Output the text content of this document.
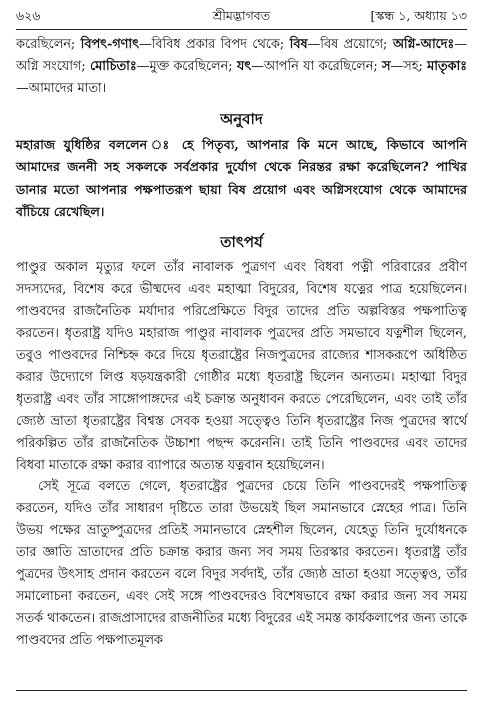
৬২৬	শ্রীমদ্ভাগবত	[স্কন্ধ ১, অধ্যায় ১৩

করেছিলেন; বিপৎ-গণাৎ—বিবিধ প্রকার বিপদ থেকে; বিষ—বিষ প্রয়োগে; অগ্নি-আদেঃ—অগ্নি সংযোগ; মোচিতাঃ—মুক্ত করেছিলেন; যৎ—আপনি যা করেছিলেন; স—সহ; মাতৃকাঃ—আমাদের মাতা।

অনুবাদ

মহারাজ যুধিষ্ঠির বললেন ঃ হে পিতৃব্য, আপনার কি মনে আছে, কিভাবে আপনি আমাদের জননী সহ সকলকে সর্বপ্রকার দুর্যোগ থেকে নিরন্তর রক্ষা করেছিলেন? পাখির ডানার মতো আপনার পক্ষপাতরূপ ছায়া বিষ প্রয়োগ এবং অগ্নিসংযোগ থেকে আমাদের বাঁচিয়ে রেখেছিল।

তাৎপর্য

পাণ্ডুর অকাল মৃত্যুর ফলে তাঁর নাবালক পুত্রগণ এবং বিধবা পত্নী পরিবারের প্রবীণ সদস্যদের, বিশেষ করে ভীষ্মদেব এবং মহাত্মা বিদুরের, বিশেষ যত্নের পাত্র হয়েছিলেন। পাণ্ডবদের রাজনৈতিক মর্যাদার পরিপ্রেক্ষিতে বিদুর তাদের প্রতি অল্পবিস্তর পক্ষপাতিত্ব করতেন। ধৃতরাষ্ট্র যদিও মহারাজ পাণ্ডুর নাবালক পুত্রদের প্রতি সমভাবে যত্নশীল ছিলেন, তবুও পাণ্ডবদের নিশ্চিহ্ন করে দিয়ে ধৃতরাষ্ট্রের নিজপুত্রদের রাজ্যের শাসকরূপে অধিষ্ঠিত করার উদ্যোগে লিপ্ত ষড়যন্ত্রকারী গোষ্ঠীর মধ্যে ধৃতরাষ্ট্র ছিলেন অন্যতম। মহাত্মা বিদুর ধৃতরাষ্ট্র এবং তাঁর সাঙ্গোপাঙ্গদের এই চক্রান্ত অনুধাবন করতে পেরেছিলেন, এবং তাই তাঁর জ্যেষ্ঠ ভ্রাতা ধৃতরাষ্ট্রের বিশ্বস্ত সেবক হওয়া সত্ত্বেও তিনি ধৃতরাষ্ট্রের নিজ পুত্রদের স্বার্থে পরিকল্পিত তাঁর রাজনৈতিক উচ্চাশা পছন্দ করেননি। তাই তিনি পাণ্ডবদের এবং তাদের বিধবা মাতাকে রক্ষা করার ব্যাপারে অত্যন্ত যত্নবান হয়েছিলেন।

সেই সূত্রে বলতে গেলে, ধৃতরাষ্ট্রের পুত্রদের চেয়ে তিনি পাণ্ডবদেরই পক্ষপাতিত্ব করতেন, যদিও তাঁর সাধারণ দৃষ্টিতে তারা উভয়েই ছিল সমানভাবে স্নেহের পাত্র। তিনি উভয় পক্ষের ভ্রাতুষ্পুত্রদের প্রতিই সমানভাবে স্নেহশীল ছিলেন, যেহেতু তিনি দুর্যোধনকে তার জ্ঞাতি ভ্রাতাদের প্রতি চক্রান্ত করার জন্য সব সময় তিরস্কার করতেন। ধৃতরাষ্ট্র তাঁর পুত্রদের উৎসাহ প্রদান করতেন বলে বিদুর সর্বদাই, তাঁর জ্যেষ্ঠ ভ্রাতা হওয়া সত্ত্বেও, তাঁর সমালোচনা করতেন, এবং সেই সঙ্গে পাণ্ডবদেরও বিশেষভাবে রক্ষা করার জন্য সব সময় সতর্ক থাকতেন। রাজপ্রাসাদের রাজনীতির মধ্যে বিদুরের এই সমস্ত কার্যকলাপের জন্য তাকে পাণ্ডবদের প্রতি পক্ষপাতমূলক
